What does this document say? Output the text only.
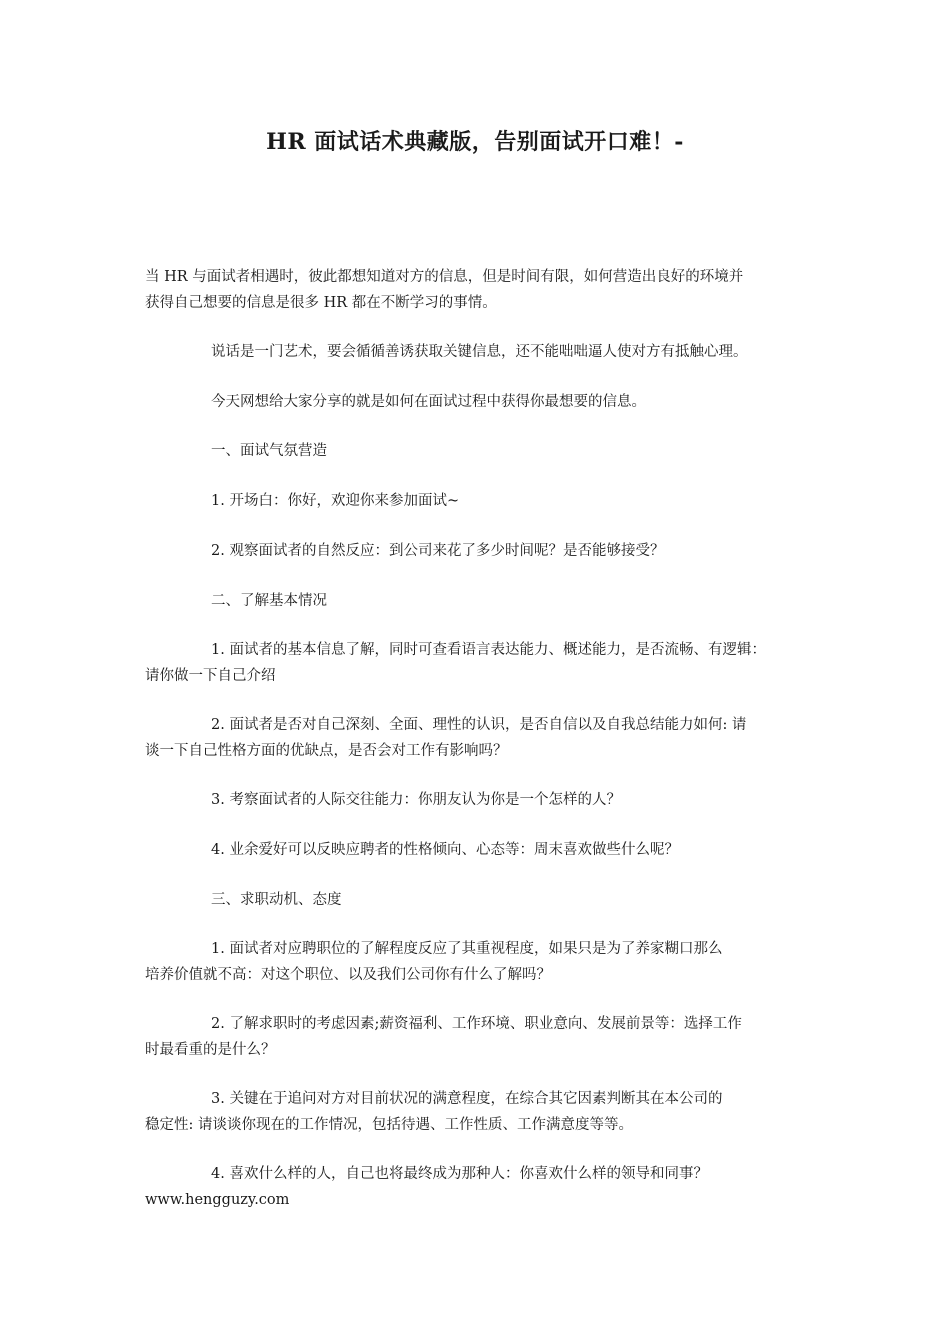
HR 面试话术典藏版，告别面试开口难！-
当 HR 与面试者相遇时，彼此都想知道对方的信息，但是时间有限，如何营造出良好的环境并
获得自己想要的信息是很多 HR 都在不断学习的事情。
说话是一门艺术，要会循循善诱获取关键信息，还不能咄咄逼人使对方有抵触心理。
今天网想给大家分享的就是如何在面试过程中获得你最想要的信息。
一、面试气氛营造
1. 开场白：你好，欢迎你来参加面试~
2. 观察面试者的自然反应：到公司来花了多少时间呢？是否能够接受？
二、了解基本情况
1. 面试者的基本信息了解，同时可查看语言表达能力、概述能力，是否流畅、有逻辑：
请你做一下自己介绍
2. 面试者是否对自己深刻、全面、理性的认识，是否自信以及自我总结能力如何: 请
谈一下自己性格方面的优缺点，是否会对工作有影响吗？
3. 考察面试者的人际交往能力：你朋友认为你是一个怎样的人？
4. 业余爱好可以反映应聘者的性格倾向、心态等：周末喜欢做些什么呢？
三、求职动机、态度
1. 面试者对应聘职位的了解程度反应了其重视程度，如果只是为了养家糊口那么
培养价值就不高：对这个职位、以及我们公司你有什么了解吗？
2. 了解求职时的考虑因素;薪资福利、工作环境、职业意向、发展前景等：选择工作
时最看重的是什么？
3. 关键在于追问对方对目前状况的满意程度，在综合其它因素判断其在本公司的
稳定性: 请谈谈你现在的工作情况，包括待遇、工作性质、工作满意度等等。
4. 喜欢什么样的人，自己也将最终成为那种人：你喜欢什么样的领导和同事？
www.hengguzy.com
